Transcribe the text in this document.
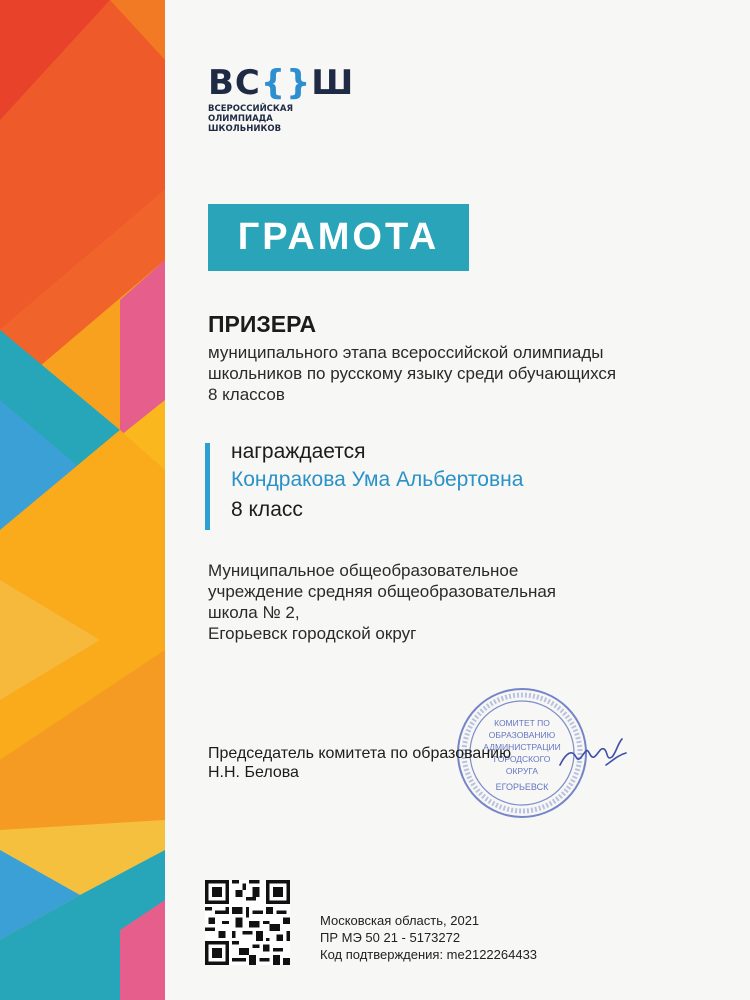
ВС{}Ш
ВСЕРОССИЙСКАЯ
ОЛИМПИАДА
ШКОЛЬНИКОВ
ГРАМОТА
ПРИЗЕРА
муниципального этапа всероссийской олимпиады школьников по русскому языку среди обучающихся 8 классов
награждается
Кондракова Ума Альбертовна
8 класс
Муниципальное общеобразовательное
учреждение средняя общеобразовательная
школа № 2,
Егорьевск городской округ
КОМИТЕТ ПО
ОБРАЗОВАНИЮ
АДМИНИСТРАЦИИ
ГОРОДСКОГО
ОКРУГА
ЕГОРЬЕВСК
Председатель комитета по образованию
Н.Н. Белова
Московская область, 2021
ПР МЭ 50 21 - 5173272
Код подтверждения: me2122264433
